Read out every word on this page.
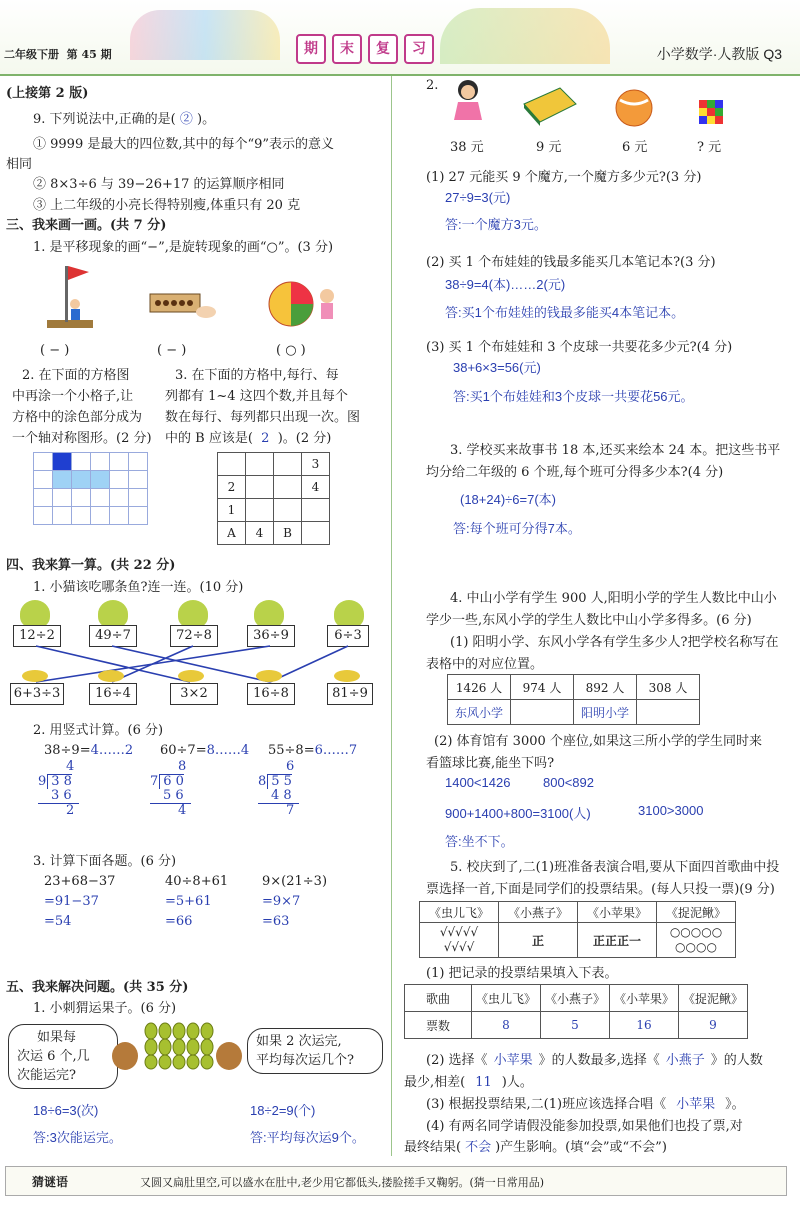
二年级下册 第 45 期	期	末	复	习	小学数学·人教版 Q3
(上接第 2 版)
9. 下列说法中,正确的是( ② )。
① 9999 是最大的四位数,其中的每个“9”表示的意义
相同
② 8×3÷6 与 39−26+17 的运算顺序相同
③ 上二年级的小亮长得特别瘦,体重只有 20 克
三、我来画一画。(共 7 分)
1. 是平移现象的画“−”,是旋转现象的画“○”。(3 分)
( − )	( − )	( ○ )
2. 在下面的方格图
中再涂一个小格子,让
方格中的涂色部分成为
一个轴对称图形。(2 分)
3. 在下面的方格中,每行、每
列都有 1~4 这四个数,并且每个
数在每行、每列都只出现一次。图
中的 B 应该是( 2 )。(2 分)

			3
2			4
1			
A	4	B	
四、我来算一算。(共 22 分)
1. 小猫该吃哪条鱼?连一连。(10 分)
12÷2	49÷7	72÷8	36÷9	6÷3
6+3÷3	16÷4	3×2	16÷8	81÷9
2. 用竖式计算。(6 分)
38÷9=4……2 60÷7=8……4 55÷8=6……7
4
9 3 8
3 6
2
8
7 6 0
5 6
4
6
8 5 5
4 8
7
3. 计算下面各题。(6 分)
23+68−37
=91−37
=54
40÷8+61
=5+61
=66
9×(21÷3)
=9×7
=63
五、我来解决问题。(共 35 分)
1. 小刺猬运果子。(6 分)
如果每
次运 6 个,几
次能运完?
如果 2 次运完,
平均每次运几个?
18÷6=3(次)
答:3次能运完。
18÷2=9(个)
答:平均每次运9个。
2.
38 元	9 元	6 元	? 元
(1) 27 元能买 9 个魔方,一个魔方多少元?(3 分)
27÷9=3(元)
答:一个魔方3元。
(2) 买 1 个布娃娃的钱最多能买几本笔记本?(3 分)
38÷9=4(本)……2(元)
答:买1个布娃娃的钱最多能买4本笔记本。
(3) 买 1 个布娃娃和 3 个皮球一共要花多少元?(4 分)
38+6×3=56(元)
答:买1个布娃娃和3个皮球一共要花56元。
3. 学校买来故事书 18 本,还买来绘本 24 本。把这些书平
均分给二年级的 6 个班,每个班可分得多少本?(4 分)
(18+24)÷6=7(本)
答:每个班可分得7本。
4. 中山小学有学生 900 人,阳明小学的学生人数比中山小
学少一些,东风小学的学生人数比中山小学多得多。(6 分)
(1) 阳明小学、东风小学各有学生多少人?把学校名称写在
表格中的对应位置。
1426 人	974 人	892 人	308 人
东风小学		阳明小学	
(2) 体育馆有 3000 个座位,如果这三所小学的学生同时来
看篮球比赛,能坐下吗?
1400<1426	800<892
900+1400+800=3100(人)	3100>3000
答:坐不下。
5. 校庆到了,二(1)班准备表演合唱,要从下面四首歌曲中投
票选择一首,下面是同学们的投票结果。(每人只投一票)(9 分)
《虫儿飞》	《小燕子》	《小苹果》	《捉泥鳅》
√√√√√
√√√√	正	正正正一	○○○○○
○○○○
(1) 把记录的投票结果填入下表。
歌曲	《虫儿飞》	《小燕子》	《小苹果》	《捉泥鳅》
票数	8	5	16	9
(2) 选择《 小苹果 》的人数最多,选择《 小燕子 》的人数
最少,相差( 11 )人。
(3) 根据投票结果,二(1)班应该选择合唱《 小苹果 》。
(4) 有两名同学请假没能参加投票,如果他们也投了票,对
最终结果( 不会 )产生影响。(填“会”或“不会”)
猜谜语	又圆又扁肚里空,可以盛水在肚中,老少用它都低头,搂脸搓手又鞠躬。(猜一日常用品)
